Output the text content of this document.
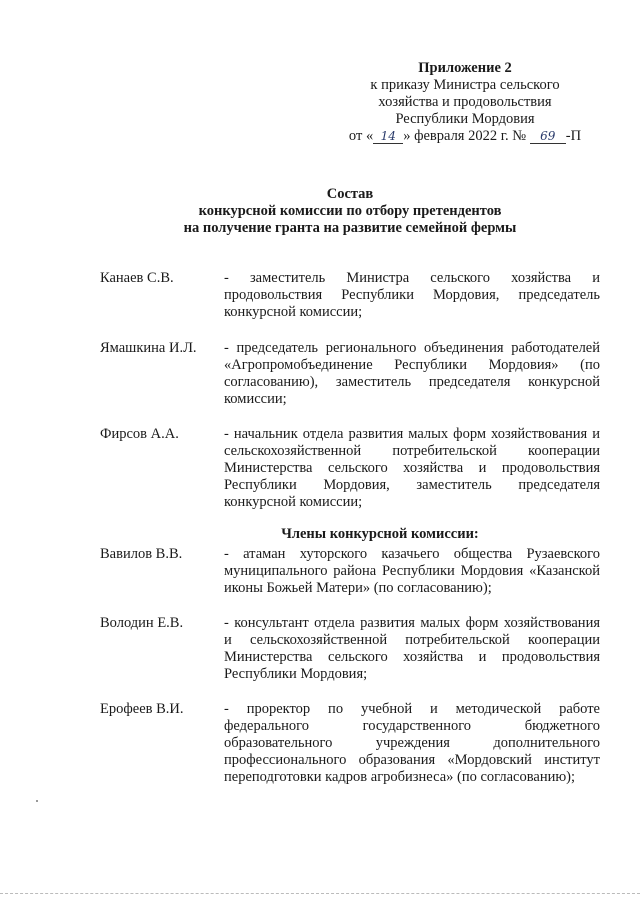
Приложение 2
к приказу Министра сельского
хозяйства и продовольствия
Республики Мордовия
от « 14 » февраля 2022 г. № 69 -П
Состав
конкурсной комиссии по отбору претендентов
на получение гранта на развитие семейной фермы
Канаев С.В.	- заместитель Министра сельского хозяйства и продовольствия Республики Мордовия, председатель конкурсной комиссии;
Ямашкина И.Л.	- председатель регионального объединения работодателей «Агропромобъединение Республики Мордовия» (по согласованию), заместитель председателя конкурсной комиссии;
Фирсов А.А.	- начальник отдела развития малых форм хозяйствования и сельскохозяйственной потребительской кооперации Министерства сельского хозяйства и продовольствия Республики Мордовия, заместитель председателя конкурсной комиссии;
Члены конкурсной комиссии:
Вавилов В.В.	- атаман хуторского казачьего общества Рузаевского муниципального района Республики Мордовия «Казанской иконы Божьей Матери» (по согласованию);
Володин Е.В.	- консультант отдела развития малых форм хозяйствования и сельскохозяйственной потребительской кооперации Министерства сельского хозяйства и продовольствия Республики Мордовия;
Ерофеев В.И.	- проректор по учебной и методической работе федерального государственного бюджетного образовательного учреждения дополнительного профессионального образования «Мордовский институт переподготовки кадров агробизнеса» (по согласованию);
